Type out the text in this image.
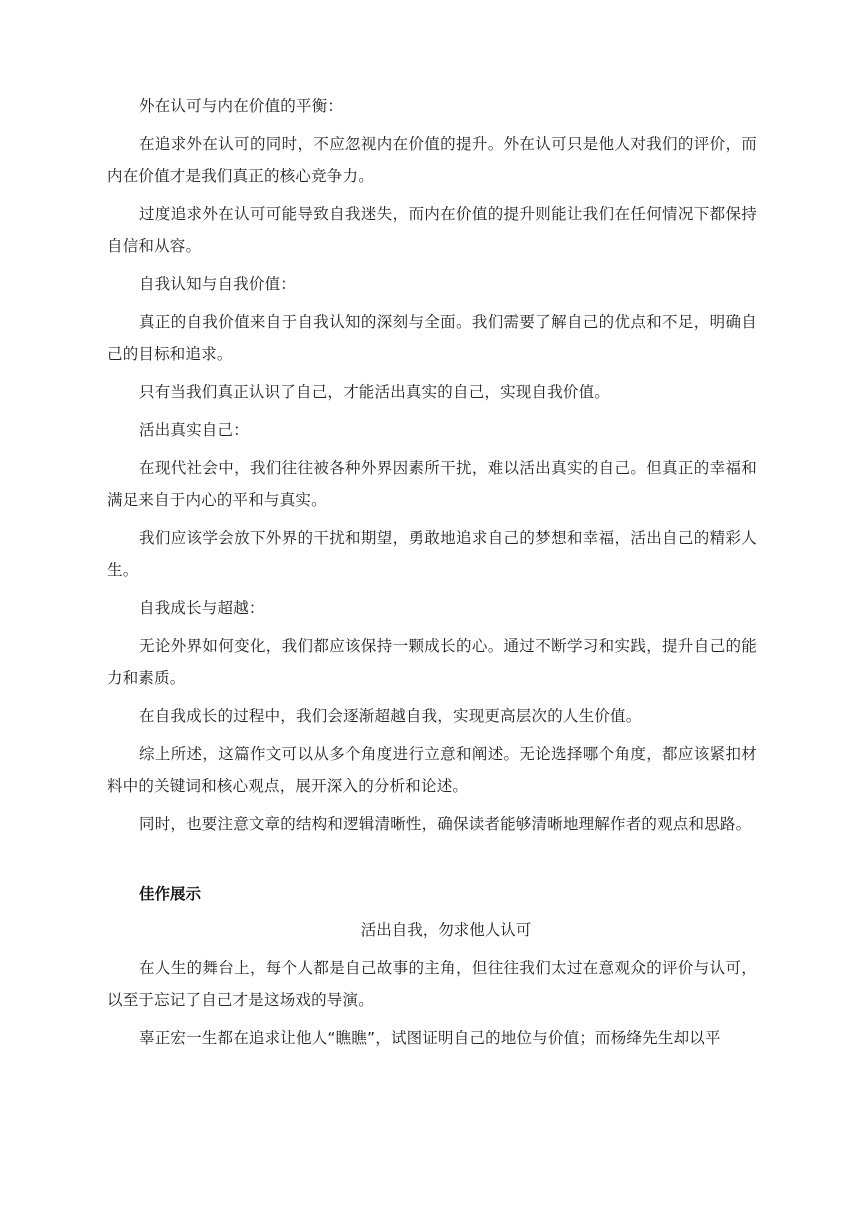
外在认可与内在价值的平衡：

在追求外在认可的同时，不应忽视内在价值的提升。外在认可只是他人对我们的评价，而内在价值才是我们真正的核心竞争力。

过度追求外在认可可能导致自我迷失，而内在价值的提升则能让我们在任何情况下都保持自信和从容。

自我认知与自我价值：

真正的自我价值来自于自我认知的深刻与全面。我们需要了解自己的优点和不足，明确自己的目标和追求。

只有当我们真正认识了自己，才能活出真实的自己，实现自我价值。

活出真实自己：

在现代社会中，我们往往被各种外界因素所干扰，难以活出真实的自己。但真正的幸福和满足来自于内心的平和与真实。

我们应该学会放下外界的干扰和期望，勇敢地追求自己的梦想和幸福，活出自己的精彩人生。

自我成长与超越：

无论外界如何变化，我们都应该保持一颗成长的心。通过不断学习和实践，提升自己的能力和素质。

在自我成长的过程中，我们会逐渐超越自我，实现更高层次的人生价值。

综上所述，这篇作文可以从多个角度进行立意和阐述。无论选择哪个角度，都应该紧扣材料中的关键词和核心观点，展开深入的分析和论述。

同时，也要注意文章的结构和逻辑清晰性，确保读者能够清晰地理解作者的观点和思路。

佳作展示

活出自我，勿求他人认可

在人生的舞台上，每个人都是自己故事的主角，但往往我们太过在意观众的评价与认可，以至于忘记了自己才是这场戏的导演。

辜正宏一生都在追求让他人“瞧瞧”，试图证明自己的地位与价值；而杨绛先生却以平
